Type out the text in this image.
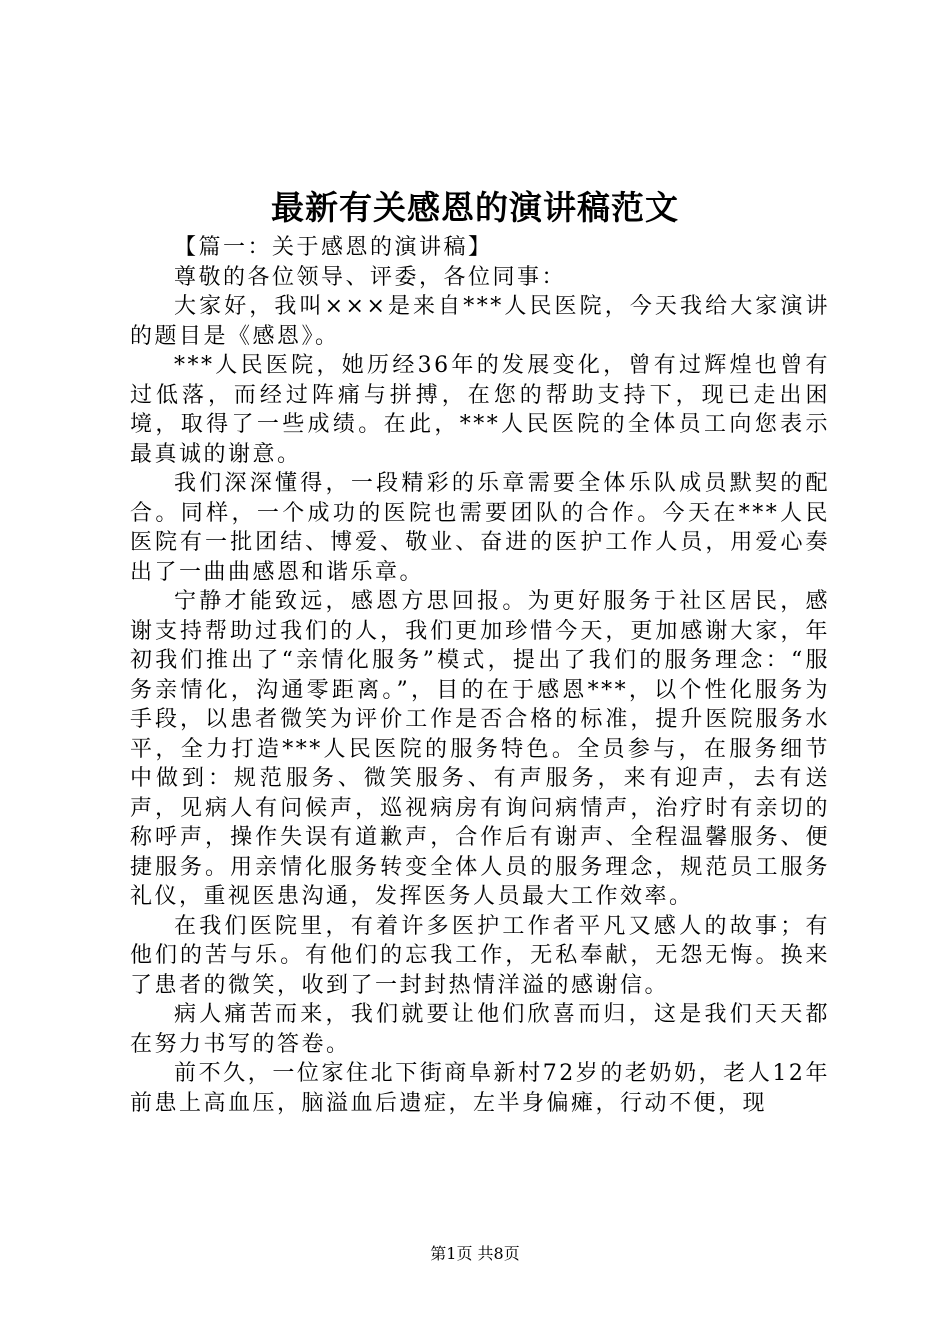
最新有关感恩的演讲稿范文

【篇一：关于感恩的演讲稿】

尊敬的各位领导、评委，各位同事：

大家好，我叫×××是来自***人民医院，今天我给大家演讲的题目是《感恩》。

***人民医院，她历经36年的发展变化，曾有过辉煌也曾有过低落，而经过阵痛与拼搏，在您的帮助支持下，现已走出困境，取得了一些成绩。在此，***人民医院的全体员工向您表示最真诚的谢意。

我们深深懂得，一段精彩的乐章需要全体乐队成员默契的配合。同样，一个成功的医院也需要团队的合作。今天在***人民医院有一批团结、博爱、敬业、奋进的医护工作人员，用爱心奏出了一曲曲感恩和谐乐章。

宁静才能致远，感恩方思回报。为更好服务于社区居民，感谢支持帮助过我们的人，我们更加珍惜今天，更加感谢大家，年初我们推出了“亲情化服务”模式，提出了我们的服务理念：“服务亲情化，沟通零距离。”，目的在于感恩***，以个性化服务为手段，以患者微笑为评价工作是否合格的标准，提升医院服务水平，全力打造***人民医院的服务特色。全员参与，在服务细节中做到：规范服务、微笑服务、有声服务，来有迎声，去有送声，见病人有问候声，巡视病房有询问病情声，治疗时有亲切的称呼声，操作失误有道歉声，合作后有谢声、全程温馨服务、便捷服务。用亲情化服务转变全体人员的服务理念，规范员工服务礼仪，重视医患沟通，发挥医务人员最大工作效率。

在我们医院里，有着许多医护工作者平凡又感人的故事；有他们的苦与乐。有他们的忘我工作，无私奉献，无怨无悔。换来了患者的微笑，收到了一封封热情洋溢的感谢信。

病人痛苦而来，我们就要让他们欣喜而归，这是我们天天都在努力书写的答卷。

前不久，一位家住北下街商阜新村72岁的老奶奶，老人12年前患上高血压，脑溢血后遗症，左半身偏瘫，行动不便，现

第1页 共8页
